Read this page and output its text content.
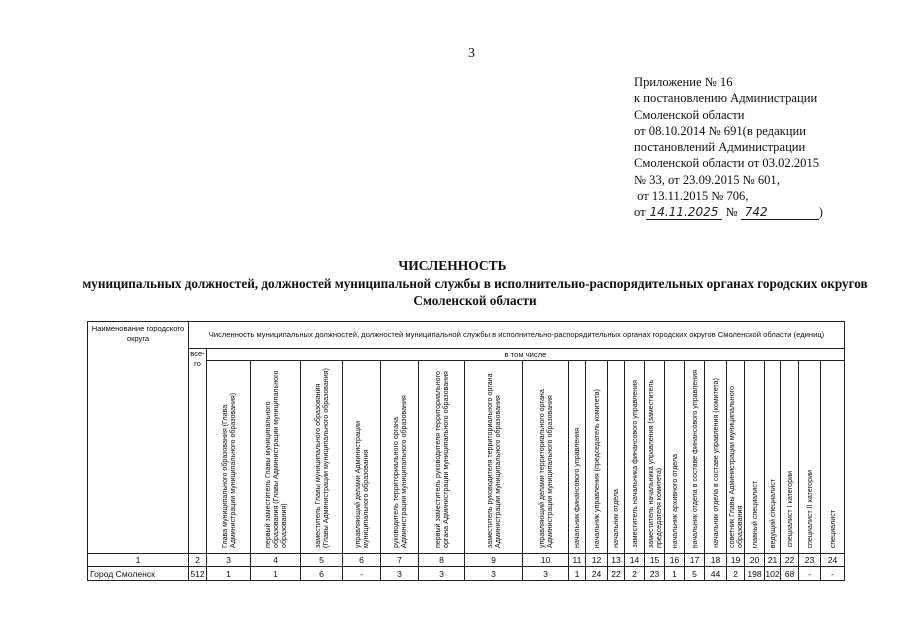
3
Приложение № 16
к постановлению Администрации
Смоленской области
от 08.10.2014 № 691(в редакции
постановлений Администрации
Смоленской области от 03.02.2015
№ 33, от 23.09.2015 № 601,
от 13.11.2015 № 706,
от 14.11.2025 № 742	)
ЧИСЛЕННОСТЬ
муниципальных должностей, должностей муниципальной службы в исполнительно-распорядительных органах городских округов Смоленской области
Наименование городского округа	Численность муниципальных должностей, должностей муниципальной службы в исполнительно-распорядительных органах городских округов Смоленской области (единиц)																						
	все-го	в том числе																					
		Глава муниципального образования (Глава Администрации муниципального образования)	первый заместитель Главы муниципального образования (Главы Администрации муниципального образования)	заместитель Главы муниципального образования (Главы Администрации муниципального образования)	управляющий делами Администрации муниципального образования	руководитель территориального органа Администрации муниципального образования	первый заместитель руководителя территориального органа Администрации муниципального образования	заместитель руководителя территориального органа Администрации муниципального образования	управляющий делами территориального органа Администрации муниципального образования	начальник финансового управления	начальник управления (председатель комитета)	начальник отдела	заместитель начальника финансового управления	заместитель начальника управления (заместитель председателя комитета)	начальник архивного отдела	начальник отдела в составе финансового управления	начальник отдела в составе управления (комитета)	советник Главы Администрации муниципального образования	главный специалист	ведущий специалист	специалист I категории	специалист II категории	специалист
1	2	3	4	5	6	7	8	9	10	11	12	13	14	15	16	17	18	19	20	21	22	23	24
Город Смоленск	512	1	1	6	-	3	3	3	3	1	24	22	2	23	1	5	44	2	198	102	68	-	-
